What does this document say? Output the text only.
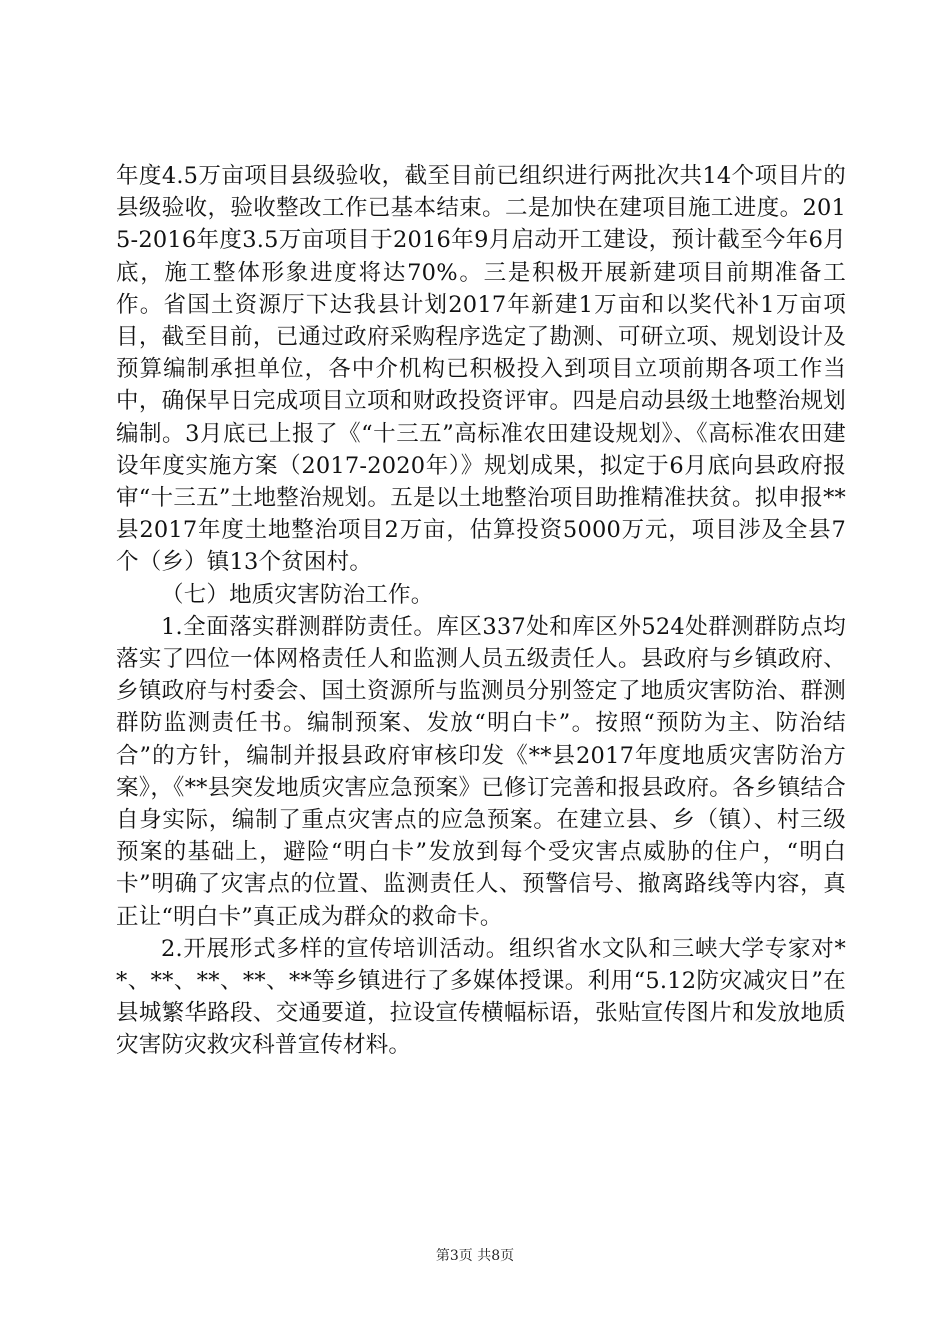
年度4.5万亩项目县级验收，截至目前已组织进行两批次共14个项目片的县级验收，验收整改工作已基本结束。二是加快在建项目施工进度。2015-2016年度3.5万亩项目于2016年9月启动开工建设，预计截至今年6月底，施工整体形象进度将达70%。三是积极开展新建项目前期准备工作。省国土资源厅下达我县计划2017年新建1万亩和以奖代补1万亩项目，截至目前，已通过政府采购程序选定了勘测、可研立项、规划设计及预算编制承担单位，各中介机构已积极投入到项目立项前期各项工作当中，确保早日完成项目立项和财政投资评审。四是启动县级土地整治规划编制。3月底已上报了《“十三五”高标准农田建设规划》、《高标准农田建设年度实施方案（2017-2020年）》规划成果，拟定于6月底向县政府报审“十三五”土地整治规划。五是以土地整治项目助推精准扶贫。拟申报**县2017年度土地整治项目2万亩，估算投资5000万元，项目涉及全县7个（乡）镇13个贫困村。

（七）地质灾害防治工作。

1.全面落实群测群防责任。库区337处和库区外524处群测群防点均落实了四位一体网格责任人和监测人员五级责任人。县政府与乡镇政府、乡镇政府与村委会、国土资源所与监测员分别签定了地质灾害防治、群测群防监测责任书。编制预案、发放“明白卡”。按照“预防为主、防治结合”的方针，编制并报县政府审核印发《**县2017年度地质灾害防治方案》，《**县突发地质灾害应急预案》已修订完善和报县政府。各乡镇结合自身实际，编制了重点灾害点的应急预案。在建立县、乡（镇）、村三级预案的基础上，避险“明白卡”发放到每个受灾害点威胁的住户，“明白卡”明确了灾害点的位置、监测责任人、预警信号、撤离路线等内容，真正让“明白卡”真正成为群众的救命卡。

2.开展形式多样的宣传培训活动。组织省水文队和三峡大学专家对**、**、**、**、**等乡镇进行了多媒体授课。利用“5.12防灾减灾日”在县城繁华路段、交通要道，拉设宣传横幅标语，张贴宣传图片和发放地质灾害防灾救灾科普宣传材料。

第3页 共8页
